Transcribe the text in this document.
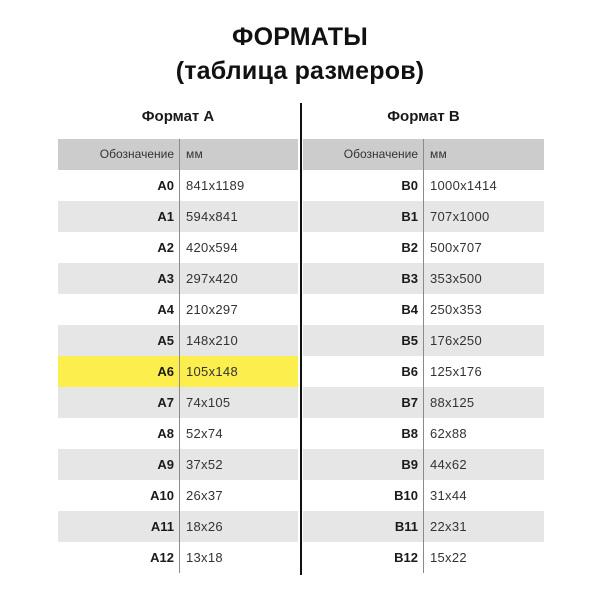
ФОРМАТЫ
(таблица размеров)
Формат A
Обозначение	мм
A0 841x1189
A1 594x841
A2 420x594
A3 297x420
A4 210x297
A5 148x210
A6 105x148
A7 74x105
A8 52x74
A9 37x52
A10 26x37
A11 18x26
A12 13x18
Формат B
Обозначение	мм
B0 1000x1414
B1 707x1000
B2 500x707
B3 353x500
B4 250x353
B5 176x250
B6 125x176
B7 88x125
B8 62x88
B9 44x62
B10 31x44
B11 22x31
B12 15x22
